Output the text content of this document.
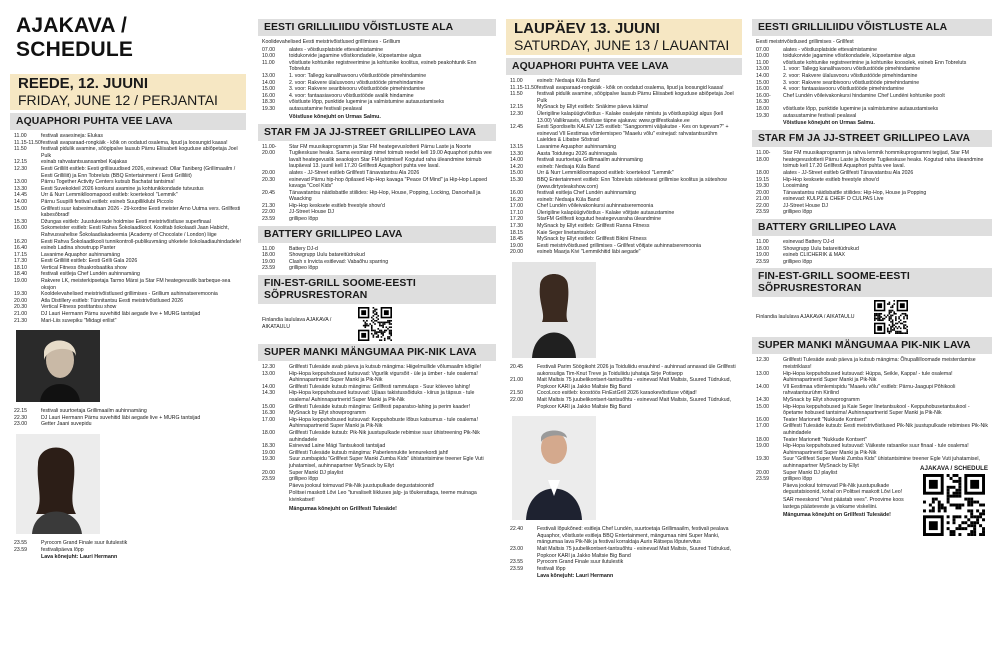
AJAKAVA / SCHEDULE
REEDE, 12. JUUNI
FRIDAY, JUNE 12 / PERJANTAI
AQUAPHORI PUHTA VEE LAVA
11.00	festivali avaesineja: Elukas
11.15-11.50 festivali avaparaad-rongkäik - kõik on oodatud osalema, lipud ja loosungid kaasa!
11.50	festivali pidulik avamine, sõögipalve lausub Pärnu Eliisabeti koguduse abiõpetaja Joel Pulk
12.15	esinab rahvatantsuansambel Kajakas
12.30	Eesti Grillilit esitleb: Eesti grillisuudised 2026, esinevad: Ollar Taniberg (Grillimaailm / Eesti Grilliliit) ja Enn Tobreluts (BBQ Entertainment / Eesti Grilliliit)
13.00	Pärnu Together Activity Centers kutsub Bachatat tantsima!
13.30	Eesti Suvekokteil 2026 konkursi avamine ja kohtunikkondade tutvustus
14.45	Urr & Nurr Lemmiklloomapood esitleb: koertekool "Lemmik"
14.00	Pärnu Suupilli festival esitleb: esineb Suupillikilubi Piccolo
15.00	Grillfesti suur kabesimultaan 2026 - 29-kordne Eesti meister Arno Uutma vers. Grillfesti kabesõbrad!
15.30	Džungas esitleb: Juustukerade hoidmise Eesti meistrivõistluse superfinaal
16.00	Sokomeister esitleb: Eesti Rahva Šokolaadikool. Koolitab šokolaadi Jaan Habicht, Rahvusvahelise Šokolaadiakadeemia (Academy of Chocolate / London) liige
16.20	Eesti Rahva Šokolaadikooli tunnikontroll-publikuvmäng uhketele šokolaadiauhindadele!
16.40	esineb Ladina showtrupp Panter
17.15	Lavanime Aquaphor auhinnamäng
17.30	Eesti Grilliliit esitleb: Eesti Grilli Gala 2026
18.10	Vertical Fitness õhuakrobaatika show
18.40	festivali esitleja Chef Lundén auhinnamäng
19.00	Rakvere LK, meisterkipsetaja Tarmo Märsi ja Star FM heategevuslik barbeque-sea oksjon
19.30	Kooldelevahelised meistrivõistlused grillimises - Grillium auhinnatseremoonia
20.00	Atla Distillery esitleb: Tünnitantsu Eesti meistrivõistlused 2026
20.30	Vertical Fitness postitantsu show
21.00	DJ Lauri Hermann Pärnu suvehitid läbi aegade live + MURG tantsijad
21.30	Mari-Liis suvepiku "Midagi erilist"
22.15	festivali suurtoetaja Grillimaailm auhinnamäng
22.30	DJ Lauri Hermann Pärnu suvehitid läbi aegade live + MURG tantsijad
23.00	Getter Jaani suvepidu
23.55	Pyrocom Grand Finale suur ilutulestik
23.59	festivalipäeva lõpp
Lava kõnejuht: Lauri Hermann
EESTI GRILLILIIDU VÕISTLUSTE ALA
Koolidevahelised Eesti meistrivõistlused grillimises - Grillium
07.00	alates - võistlusplatside ettevalmistamine
10.00	toidukorvide jagamine võistkondadele, küpsetamise algus
11.00	võistluste kohtunike registreerimine ja kohtunike koolitus, esineb peakohtunik Enn Tobreluts
13.00	1. voor: Tallegg kanalihavooru võistlustööde pimehindamine
14.00	2. voor: Rakvere ülalusvooru võistlustööde pimehindamine
15.00	3. voor: Rakvere searibivooru võistlustööde pimehindamine
16.00	4. voor: fantaasiavooru võistlustööde avalik hindamine
18.30	võistluste lõpp, punktide lugemine ja valmistumine autasustamiseks
19.30	autasustamine festivali pealaval
Võistluse kõnejuht on Urmas Salmu.
STAR FM JA JJ-STREET GRILLIPEO LAVA
11.00-20.00
Star FM muusikaprogramm ja Star FM heategevuslotterii Pärnu Laste ja Noorte Tugikeskuse heaks. Sama eesmärgi nimel toimub reedel kell 19.00 Aquaphori puhta vee lavalt heategevuslik seaoksjon Star FM juhtimisel! Kogutud raha üleandmine toimub laupäeval 13. juunil kell 17.20 Grillfesti Aquaphori puhta vee laval.
20.00	alates - JJ-Street esitleb Grillfesti Tänavatantsu Ala 2026
20.30	esinevad Pärnu hip-hop õpilased Hip-Hop kavaga "Peace Of Mind" ja Hip-Hop Lapsed kavaga "Cool Kids"
20.45	Tänavatantsu näidisbattle stiilides: Hip-Hop, House, Popping, Locking, Dancehall ja Waacking
21.30	Hip-Hop kesksete esitleb freestyle show'd
22.00	JJ-Street House DJ
23.59	grillipeo lõpp
BATTERY GRILLIPEO LAVA
11.00	Battery DJ-d
18.00	Showgrupp Uulu batareitüdrukud
19.00	Clash x Invicta esitlevad: Vabaõhu sparring
23.59	grillipeo lõpp
FIN-EST-GRILL SOOME-EESTI SÕPRUSRESTORAN
Finlandia laululava AJAKAVA / AIKATAULU
SUPER MANKI MÄNGUMAA PIK-NIK LAVA
12.30	Grillfesti Tulesäde avab päeva ja kutsub mängima: Hiigelmullide võlumaailm kõigile!
13.00	Hip-Hopa keppuhobused kutsuvad: Vigurlik vigursõit - üle ja ümber - tule osalema! Auhinnapartnerid Super Manki ja Pik-Nik
14.00	Grillfesti Tulesäde kutsub mängima: Grillfesti rammulaps - Suur köieveo lahing!
14.30	Hip-Hopa keppuhobused kutsuvad: Ujlaas takistussõiduks - kiirus ja täpsus - tule osalema! Auhinnapartnerid Super Manki ja Pik-Nik
15.00	Grillfesti Tulesäde kutsub mängima: Grillfesti paparatso-lahing ja perim kaader!
16.30	MySnack by Ellyt showprogramm
17.00	Hip-Hopa keppuhobused kutsuvad: Keppuhobuste lõbus katsumus - tule osalema! Auhinnapartnerid Super Manki ja Pik-Nik
18.00	Grillfesti Tulesäde kutsub: Pik-Nik juustupulkade rebimise suur ühistreening Pik-Nik auhindadele
18.30	Esinevad Laine Mägi Tantsukooli tantsijad
19.00	Grillfesti Tulesäde kutsub mängima: Paberlennukite lennurekordi jaht!
19.30	Suur zumbapidu "Grillfest Super Manki Zumba Kids" ühistantsimine treener Egle Vuti juhatamisel, auhinnapartner MySnack by Ellyt
20.00	Super Manki DJ playlist
23.59	grillipeo lõpp
Päeva jooksul toimuvad Pik-Nik juustupulkade degustatsioonid!
Politsei maskott Lõvi Leo "turvaliselt liikluses jalg- ja tõukerattaga, teeme muinaga kivinkatset!
Mängumaa kõnejuht on Grillfesti Tulesäde!
LAUPÄEV 13. JUUNI
SATURDAY, JUNE 13 / LAUANTAI
AQUAPHORI PUHTA VEE LAVA
11.00	esineb: Nedsaja Küla Band
11.15-11.50 festivali avaparaad-rongkäik - kõik on oodatud osalema, lipud ja loosungid kaasa!
11.50	festivali pidulik avamine, sõögipalve lausub Pärnu Eliisabeti koguduse abiõpetaja Joel Pulk
12.15	MySnack by Ellyt esitleb: Snäkime päeva käima!
12.30	Ülerigiline kalapüügivõistlus - Kalake osalejate nimistu ja võistluspüügi algus (kell 13.00) Vallikraavis, võistluse täpne ajakava: www.grillfestkalake.ee
12.45	Eesti Spordiselts KALEV 125 esitleb: "Sangpommi väljakutse - Kes on tugevam?" + esinevad VII Eestimaa võimlemispeo "Maaelu võlu" esinejad: rahvatantsurühm Laieldes & Libatse Sõstrad
13.15	Lavanime Aquaphor auhinnamäng
13.30	Aasta Toidutegu 2026 auhinnagala
14.00	festivali suurtoetaja Grillimaailm auhinnamäng
14.20	esineb: Nedsaja Küla Band
15.00	Urr & Nurr Lemmiklloomapood esitleb: koertekool "Lemmik"
15.30	BBQ Entertainment esitleb: Enn Tobreluts sütetesesi grillimise koolitus ja süteshow (www.dirtysteakshow.com)
16.00	festivali esitleja Chef Lundén auhinnamäng
16.20	esineb: Nedsaja Küla Band
17.00	Chef Lundén võileivakonkursi auhinnatseremoonia
17.10	Ülerigiline kalapüügivõistlus - Kalake võitjate autasustamine
17.20	StarFM Grillfesti kogutud heategevusraha üleandmine
17.30	MySnack by Ellyt esitleb: Grillfesti Ranna Fitness
18.15	Kaie Seger linetantsukool
18.45	MySnack by Ellyt esitleb: Grillfesti Bikini Fitness
19.00	Eesti meistrivõistlused grillimises - Grillfest võitjate auhinnatseremoonia
20.00	esineb Maarja Kivi "Lemmikhitid läbi aegade"
20.45	Festivali Parim Söögikoht 2026 ja Toiduliidu enauhind - auhinnad annavad üle Grillfesti aukonsuliga Tim-Knut Treve ja Toiduliidu juhataja Sirje Potisepp
21.00	Mait Maltsis 75 juubelikontsert-tantsuõhtu - esinevad Mait Maltsis, Suured Tüdrukud, Popkoor KARI ja Jakko Maltsie Big Band
21.50	CocoLoco esitleb: koostöös FinEstGrill 2026 karaokevõistluse võitjad!
22.00	Mait Maltsis 75 juubelikontsert-tantsuõhtu - esinevad Mait Maltsis, Suured Tüdrukud, Popkoor KARI ja Jakko Maltsie Big Band
22.40	Festivali lõpukõned: esitleja Chef Lundén, suurtoetaja Grillimaailm, festivali pealava Aquaphor, võistluste esitleja BBQ Entertainment, mängumaa nimi Super Manki, mängumaa lava Pik-Nik ja festival korraldaja Auris Rätsepa lõputervitus
23.00	Mait Maltsis 75 juubelikontsert-tantsuõhtu - esinevad Mait Maltsis, Suured Tüdrukud, Popkoor KARI ja Jakko Maltsie Big Band
23.55	Pyrocom Grand Finale suur ilutulestik
23.59	festivali lõpp
Lava kõnejuht: Lauri Hermann
EESTI GRILLILIIDU VÕISTLUSTE ALA
Eesti meistrivõistlused grillimises - Grillfest
07.00	alates - võistlusplatside ettevalmistamine
10.00	toidukorvide jagamine võistkondadele, küpsetamise algus
11.00	võistluste kohtunike registreerimine ja kohtunike koosolek, esineb Enn Tobreluts
13.00	1. voor: Tallegg kanalihavooru võistlustööde pimehindamine
14.00	2. voor: Rakvere ülalusvooru võistlustööde pimehindamine
15.00	3. voor: Rakvere searibivooru võistlustööde pimehindamine
16.00	4. voor: fantaasiavooru võistlustööde pimehindamine
16.00-16.30
Chef Lundén võileivakonkursi hindamine Chef Lundéni kohtunike poolt
18.00	võistluste lõpp, punktide lugemine ja valmistumine autasustamiseks
19.30	autasustamine festivali pealaval
Võistluse kõnejuht on Urmas Salmu.
STAR FM JA JJ-STREET GRILLIPEO LAVA
11.00-18.00
Star FM muusikaprogramm ja rahva lemmik hommikuprogrammi tegijad, Star FM heategevuslotterii Pärnu Laste ja Noorte Tugikeskuse heaks. Kogutud raha üleandmine toimub kell 17.20 Grillfesti Aquaphori puhta vee laval.
18.00	alates - JJ-Street esitleb Grillfesti Tänavatantsu Ala 2026
19.15	Hip-Hop kesksete esitleb freestyle show'd
19.30	Loosimäng
20.00	Tänavatantsu näidisbattle stiilides: Hip-Hop, House ja Popping
21.00	esinevad: KULPZ & CHEIF O CULPAS Live
22.00	JJ-Street House DJ
23.59	grillipeo lõpp
BATTERY GRILLIPEO LAVA
11.00	esinevad Battery DJ-d
18.00	Showgrupp Uulu batareitüdrukud
19.00	esineb CLICHERIK & MAX
23.59	grillipeo lõpp
FIN-EST-GRILL SOOME-EESTI SÕPRUSRESTORAN
Finlandia laululava AJAKAVA / AIKATAULU
SUPER MANKI MÄNGUMAA PIK-NIK LAVA
12.30	Grillfesti Tulesäde avab päeva ja kutsub mängima: Õhupallilloomade meisterdamise meistriklass!
13.00	Hip-Hopa keppuhobused kutsuvad: Hüppa, Seikle, Kappa! - tule osalema! Auhinnapartnerid Super Manki ja Pik-Nik
14.00	VII Eestimaa võimlemispidu "Maaelu võlu" esitleb: Pärnu-Jaagupi Põhikooli rahvatantsurühm Kirilind
14.30	MySnack by Ellyt showprogramm
15.00	Hip-Hopa keppuhobused ja Kaie Seger linetantsukool - Keppuhobusetantsukool - õpetame hobused tantsima! Auhinnapartnerid Super Manki ja Pik-Nik
16.00	Teater Marionett "Nukkude Kontsert"
17.00	Grillfesti Tulesäde kutsub: Eesti meistrivõistlused Pik-Nik juustupulkade rebimises Pik-Nik auhindadele
18.00	Teater Marionett "Nukkude Kontsert"
19.00	Hip-Hopa keppuhobused kutsuvad: Väikeste ratsanike suur finaal - tule osalema! Auhinnapartnerid Super Manki ja Pik-Nik
19.30	Suur "Grillfest Super Manki Zumba Kids" ühistantsimine treener Egle Vuti juhatamisel, auhinnapartner MySnack by Ellyt
20.00	Super Manki DJ playlist
23.59	grillipeo lõpp
Päeva jooksul toimuvad Pik-Nik juustupulkade degustatsioonid, kohal on Politsei maskott Lõvi Leo!
SAR meeskond "Vest päästab vees". Proovime koos lastega päästevestе ja viskame viskeliini.
Mängumaa kõnejuht on Grillfesti Tulesäde!
AJAKAVA / SCHEDULE
